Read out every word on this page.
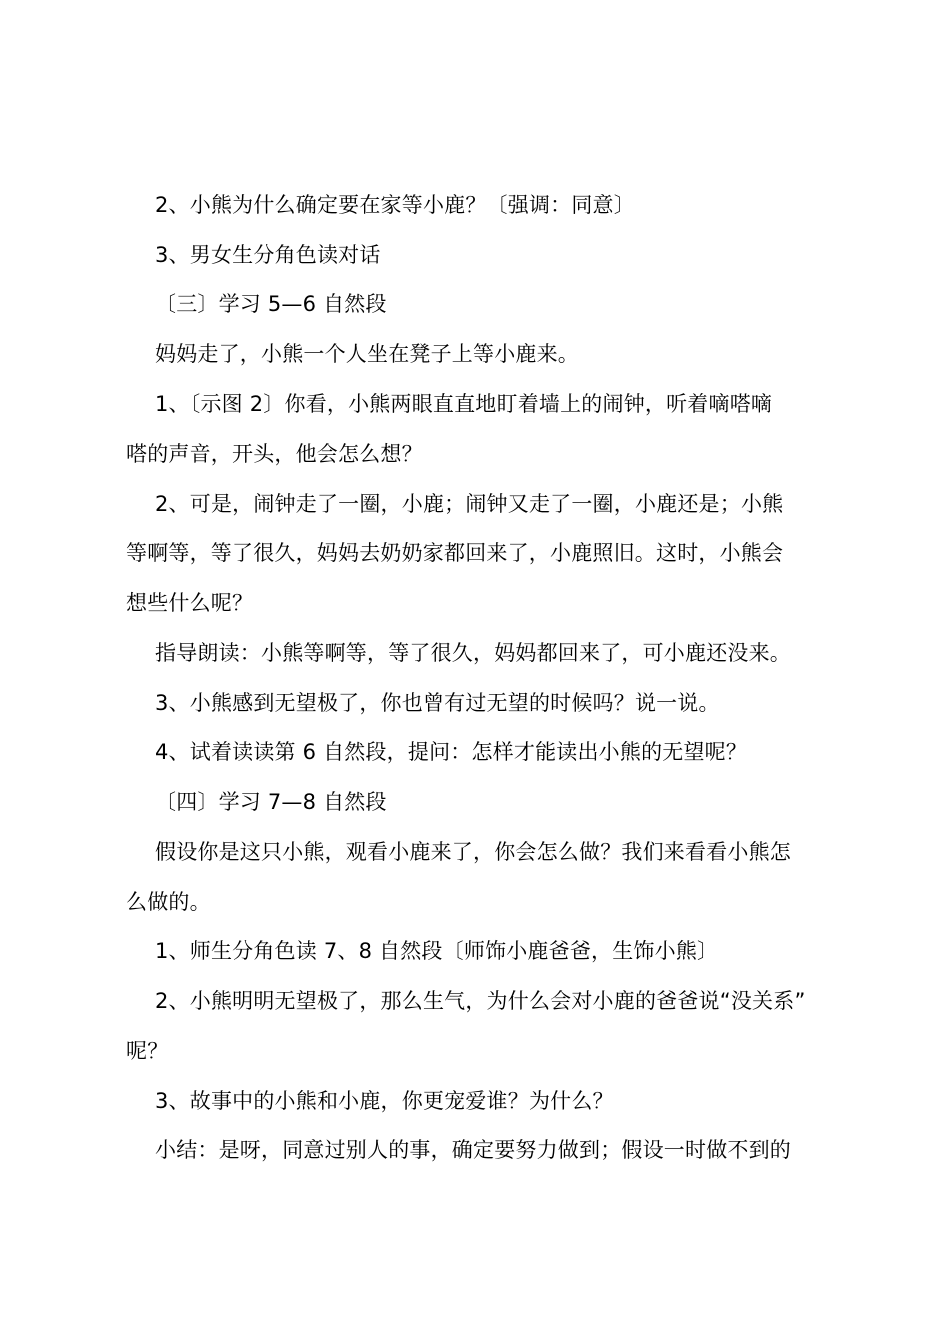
2、小熊为什么确定要在家等小鹿？〔强调：同意〕
3、男女生分角色读对话
〔三〕学习 5—6 自然段
妈妈走了，小熊一个人坐在凳子上等小鹿来。
1、〔示图 2〕你看，小熊两眼直直地盯着墙上的闹钟，听着嘀嗒嘀
嗒的声音，开头，他会怎么想？
2、可是，闹钟走了一圈，小鹿；闹钟又走了一圈，小鹿还是；小熊
等啊等，等了很久，妈妈去奶奶家都回来了，小鹿照旧。这时，小熊会
想些什么呢？
指导朗读：小熊等啊等，等了很久，妈妈都回来了，可小鹿还没来。
3、小熊感到无望极了，你也曾有过无望的时候吗？说一说。
4、试着读读第 6 自然段，提问：怎样才能读出小熊的无望呢？
〔四〕学习 7—8 自然段
假设你是这只小熊，观看小鹿来了，你会怎么做？我们来看看小熊怎
么做的。
1、师生分角色读 7、8 自然段〔师饰小鹿爸爸，生饰小熊〕
2、小熊明明无望极了，那么生气，为什么会对小鹿的爸爸说“没关系”
呢？
3、故事中的小熊和小鹿，你更宠爱谁？为什么？
小结：是呀，同意过别人的事，确定要努力做到；假设一时做不到的
